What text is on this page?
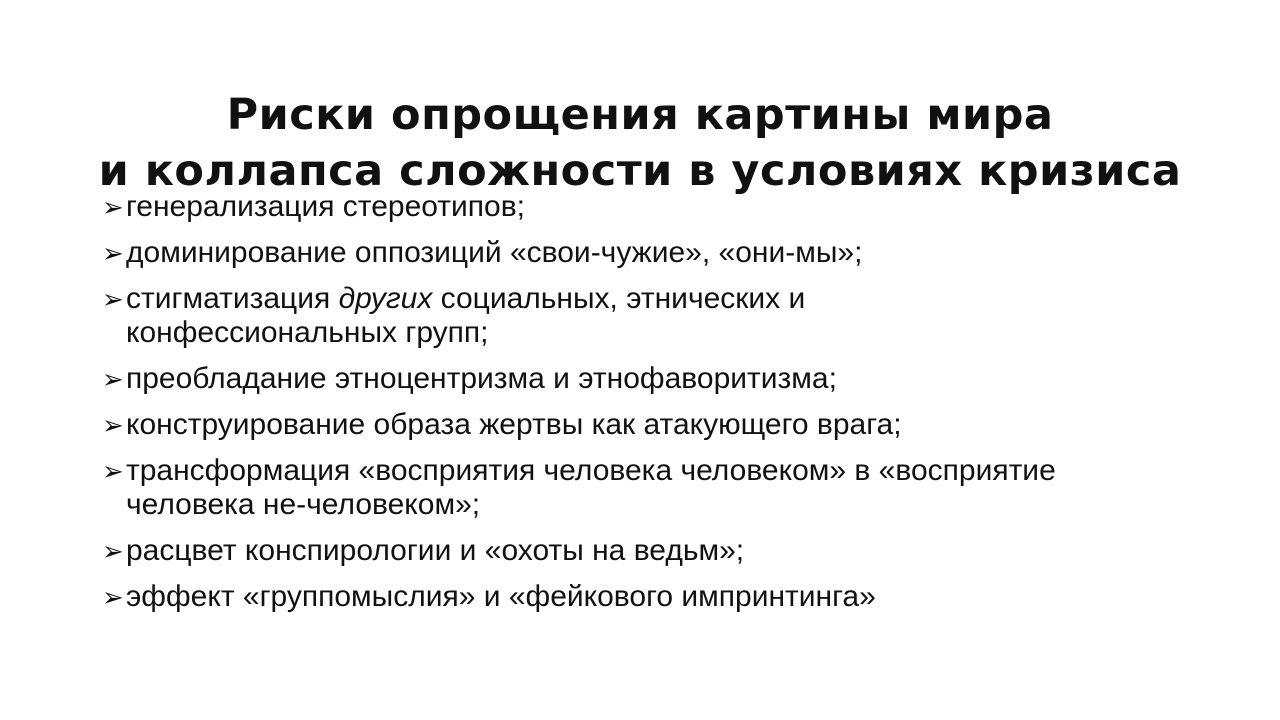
Риски опрощения картины мира
и коллапса сложности в условиях кризиса
➢ генерализация стереотипов;
➢ доминирование оппозиций «свои-чужие», «они-мы»;
➢ стигматизация других социальных, этнических и
конфессиональных групп;
➢ преобладание этноцентризма и этнофаворитизма;
➢ конструирование образа жертвы как атакующего врага;
➢ трансформация «восприятия человека человеком» в «восприятие
человека не-человеком»;
➢ расцвет конспирологии и «охоты на ведьм»;
➢ эффект «группомыслия» и «фейкового импринтинга»
